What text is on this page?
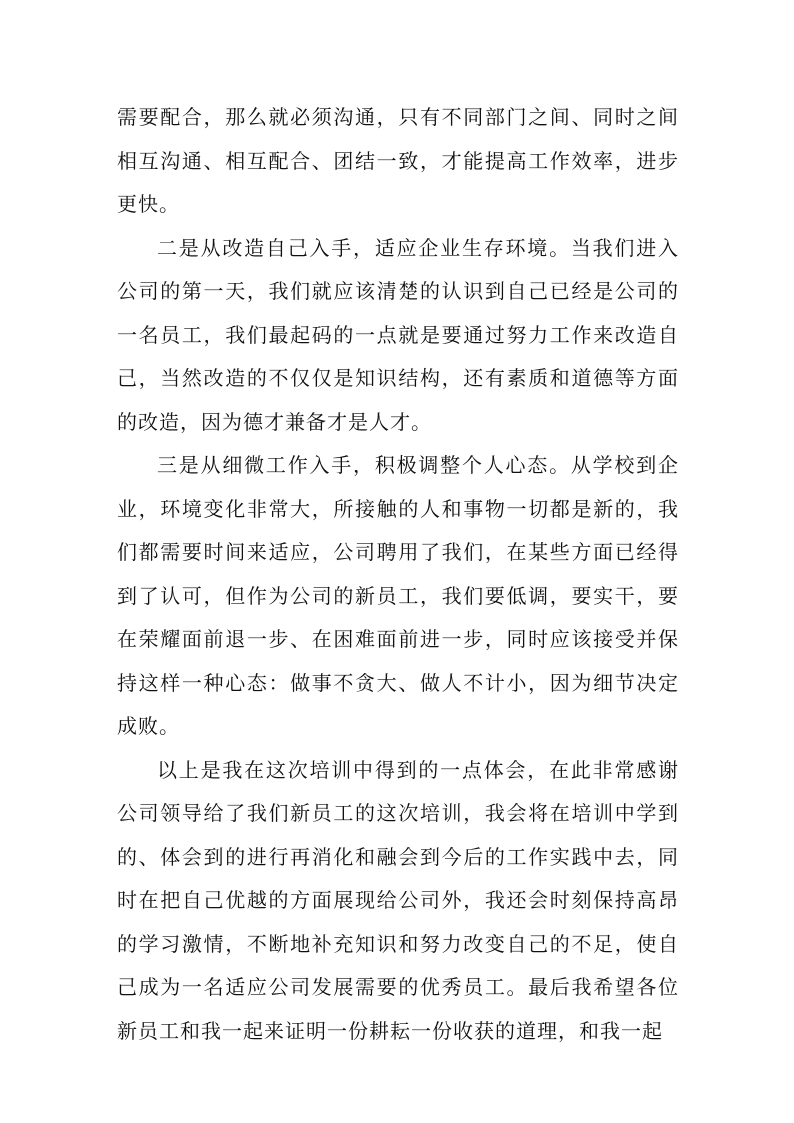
需要配合，那么就必须沟通，只有不同部门之间、同时之间相互沟通、相互配合、团结一致，才能提高工作效率，进步更快。

二是从改造自己入手，适应企业生存环境。当我们进入公司的第一天，我们就应该清楚的认识到自己已经是公司的一名员工，我们最起码的一点就是要通过努力工作来改造自己，当然改造的不仅仅是知识结构，还有素质和道德等方面的改造，因为德才兼备才是人才。

三是从细微工作入手，积极调整个人心态。从学校到企业，环境变化非常大，所接触的人和事物一切都是新的，我们都需要时间来适应，公司聘用了我们，在某些方面已经得到了认可，但作为公司的新员工，我们要低调，要实干，要在荣耀面前退一步、在困难面前进一步，同时应该接受并保持这样一种心态：做事不贪大、做人不计小，因为细节决定成败。

以上是我在这次培训中得到的一点体会，在此非常感谢公司领导给了我们新员工的这次培训，我会将在培训中学到的、体会到的进行再消化和融会到今后的工作实践中去，同时在把自己优越的方面展现给公司外，我还会时刻保持高昂的学习激情，不断地补充知识和努力改变自己的不足，使自己成为一名适应公司发展需要的优秀员工。最后我希望各位新员工和我一起来证明一份耕耘一份收获的道理，和我一起
